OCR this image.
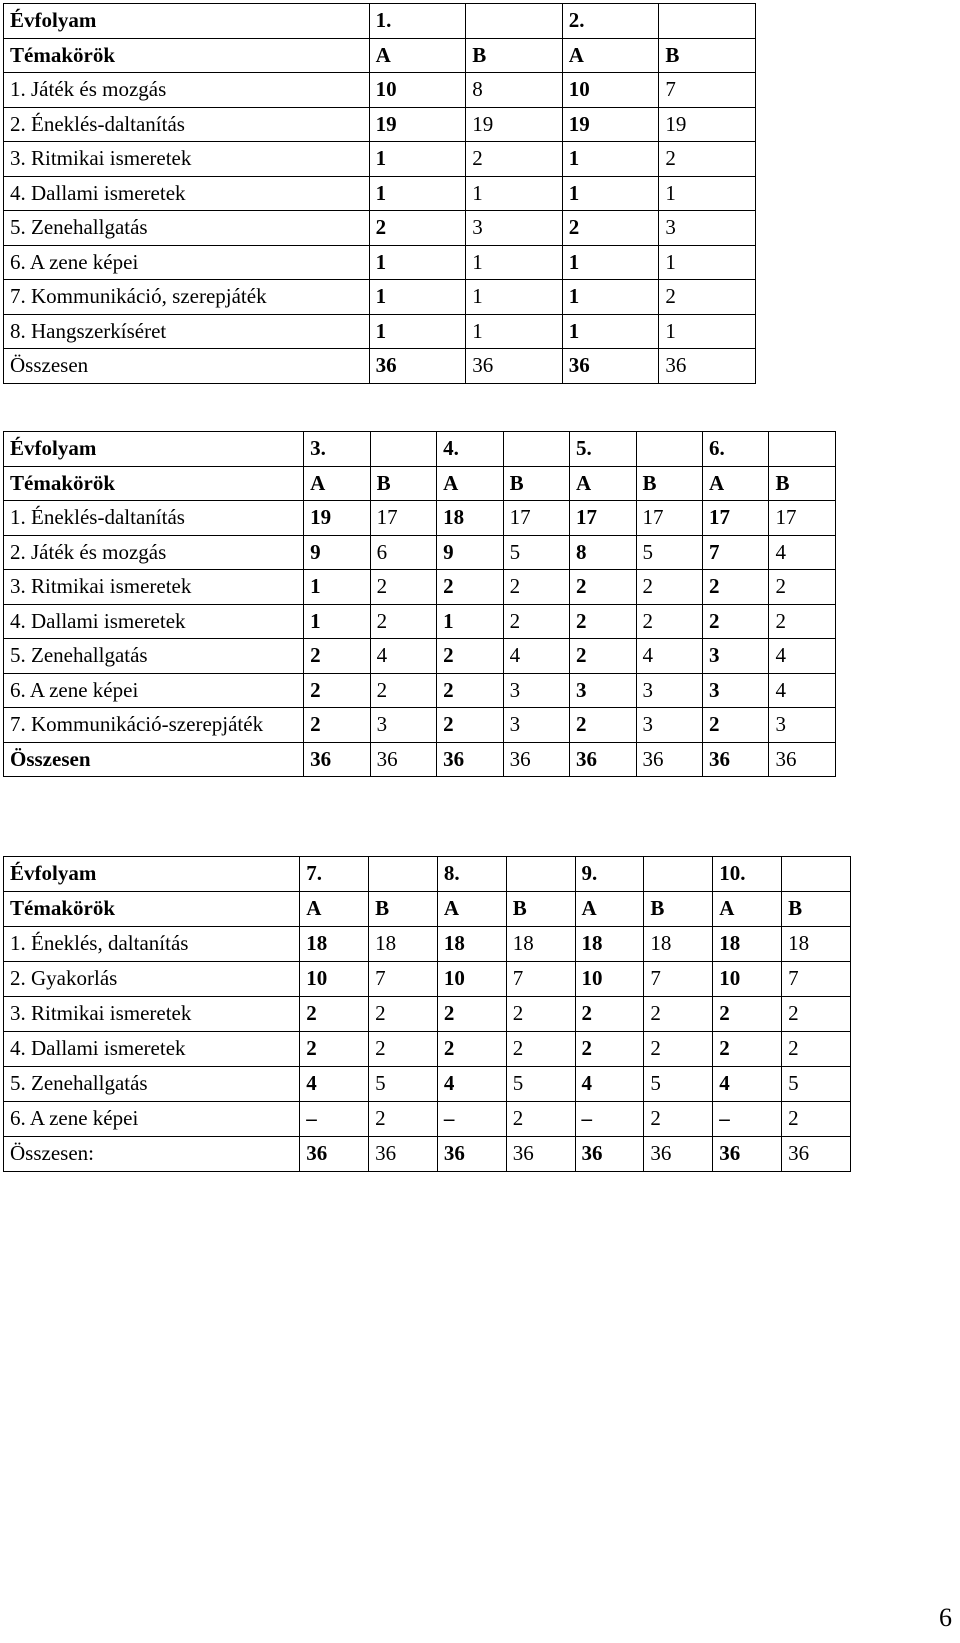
Évfolyam	1.		2.	
Témakörök	A	B	A	B
1. Játék és mozgás	10	8	10	7
2. Éneklés-daltanítás	19	19	19	19
3. Ritmikai ismeretek	1	2	1	2
4. Dallami ismeretek	1	1	1	1
5. Zenehallgatás	2	3	2	3
6. A zene képei	1	1	1	1
7. Kommunikáció, szerepjáték	1	1	1	2
8. Hangszerkíséret	1	1	1	1
Összesen	36	36	36	36
Évfolyam	3.		4.		5.		6.	
Témakörök	A	B	A	B	A	B	A	B
1. Éneklés-daltanítás	19	17	18	17	17	17	17	17
2. Játék és mozgás	9	6	9	5	8	5	7	4
3. Ritmikai ismeretek	1	2	2	2	2	2	2	2
4. Dallami ismeretek	1	2	1	2	2	2	2	2
5. Zenehallgatás	2	4	2	4	2	4	3	4
6. A zene képei	2	2	2	3	3	3	3	4
7. Kommunikáció-szerepjáték	2	3	2	3	2	3	2	3
Összesen	36	36	36	36	36	36	36	36
Évfolyam	7.		8.		9.		10.	
Témakörök	A	B	A	B	A	B	A	B
1. Éneklés, daltanítás	18	18	18	18	18	18	18	18
2. Gyakorlás	10	7	10	7	10	7	10	7
3. Ritmikai ismeretek	2	2	2	2	2	2	2	2
4. Dallami ismeretek	2	2	2	2	2	2	2	2
5. Zenehallgatás	4	5	4	5	4	5	4	5
6. A zene képei	–	2	–	2	–	2	–	2
Összesen:	36	36	36	36	36	36	36	36
6
